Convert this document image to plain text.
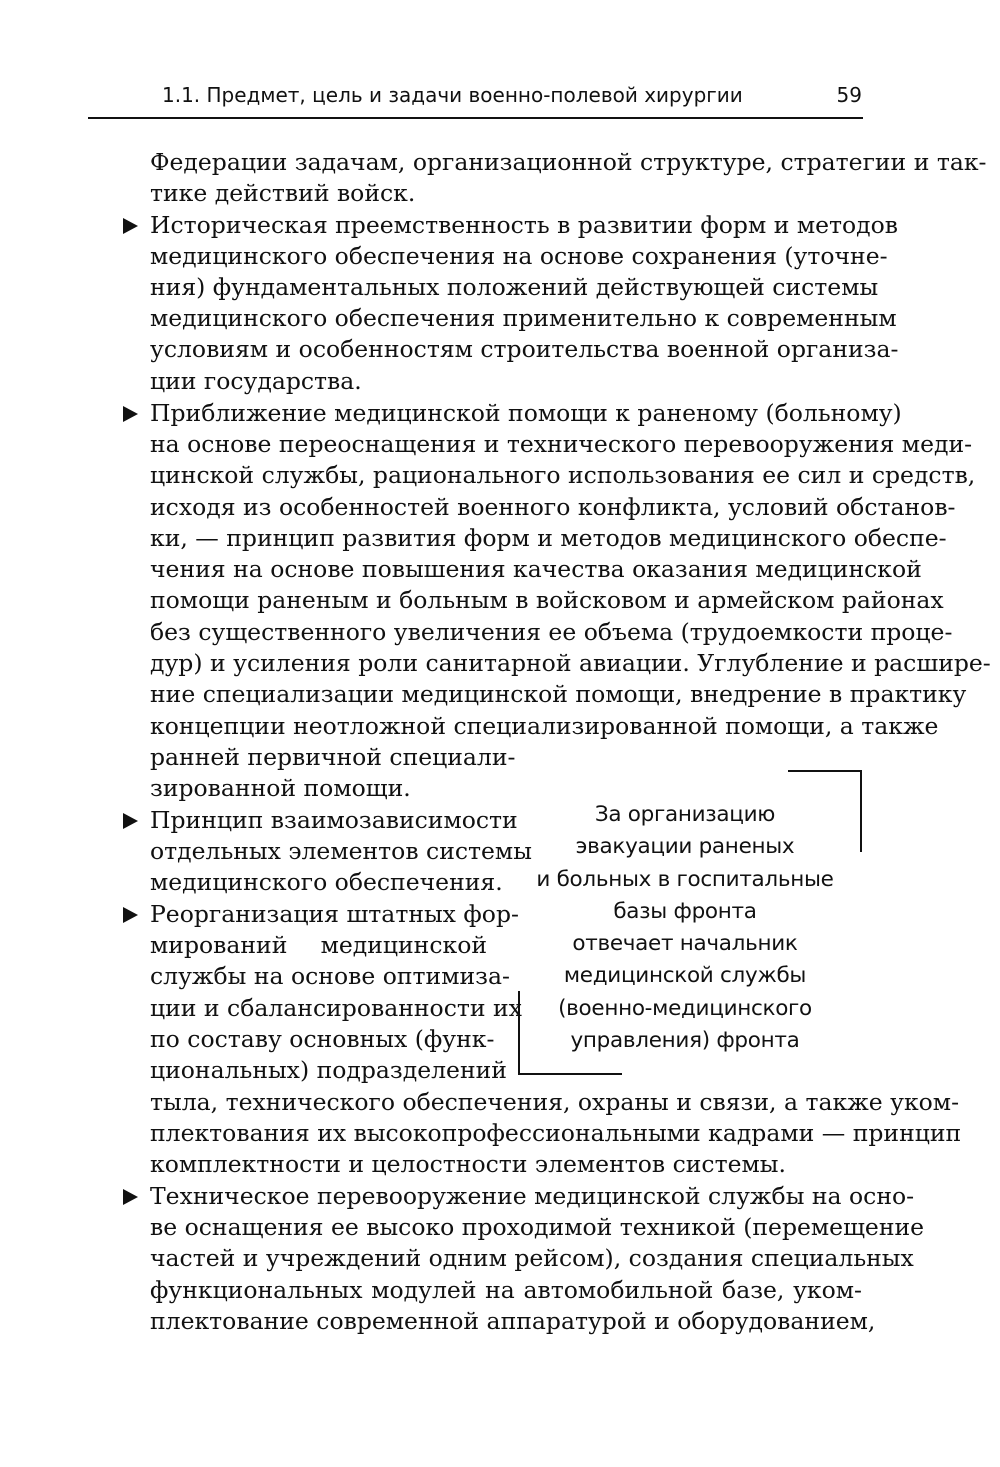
1.1. Предмет, цель и задачи военно-полевой хирургии	59
Федерации задачам, организационной структуре, стратегии и так-
тике действий войск.
Историческая преемственность в развитии форм и методов
медицинского обеспечения на основе сохранения (уточне-
ния) фундаментальных положений действующей системы
медицинского обеспечения применительно к современным
условиям и особенностям строительства военной организа-
ции государства.
Приближение медицинской помощи к раненому (больному)
на основе переоснащения и технического перевооружения меди-
цинской службы, рационального использования ее сил и средств,
исходя из особенностей военного конфликта, условий обстанов-
ки, — принцип развития форм и методов медицинского обеспе-
чения на основе повышения качества оказания медицинской
помощи раненым и больным в войсковом и армейском районах
без существенного увеличения ее объема (трудоемкости проце-
дур) и усиления роли санитарной авиации. Углубление и расшире-
ние специализации медицинской помощи, внедрение в практику
концепции неотложной специализированной помощи, а также
ранней первичной специали-
зированной помощи.
Принцип взаимозависимости
отдельных элементов системы
медицинского обеспечения.
Реорганизация штатных фор-
мирований медицинской
службы на основе оптимиза-
ции и сбалансированности их
по составу основных (функ-
циональных) подразделений
тыла, технического обеспечения, охраны и связи, а также уком-
плектования их высокопрофессиональными кадрами — принцип
комплектности и целостности элементов системы.
Техническое перевооружение медицинской службы на осно-
ве оснащения ее высоко проходимой техникой (перемещение
частей и учреждений одним рейсом), создания специальных
функциональных модулей на автомобильной базе, уком-
плектование современной аппаратурой и оборудованием,
За организацию
эвакуации раненых
и больных в госпитальные
базы фронта
отвечает начальник
медицинской службы
(военно-медицинского
управления) фронта
